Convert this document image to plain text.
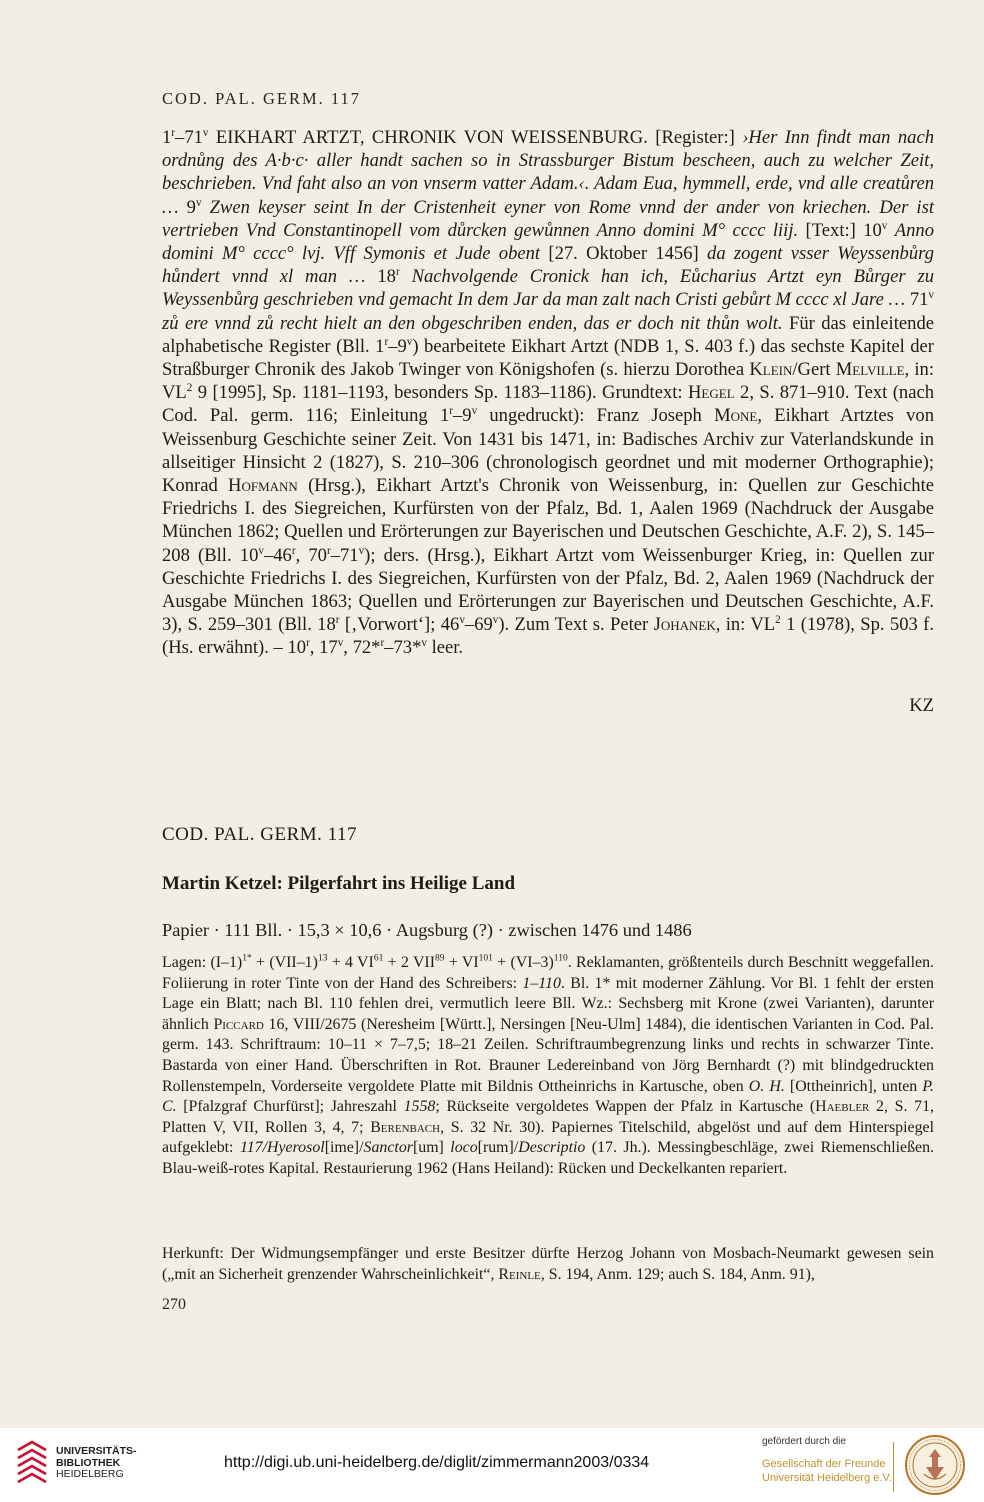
COD. PAL. GERM. 117

1$^r$–71$^v$ EIKHART ARTZT, CHRONIK VON WEISSENBURG. [Register:] ›Her Inn findt man nach ordnůng des A·b·c· aller handt sachen so in Strassburger Bistum bescheen, auch zu welcher Zeit, beschrieben. Vnd faht also an von vnserm vatter Adam.‹. Adam Eua, hymmell, erde, vnd alle creatůren … 9$^v$ Zwen keyser seint In der Cristenheit eyner von Rome vnnd der ander von kriechen. Der ist vertrieben Vnd Constantinopell vom důrcken gewůnnen Anno domini M° cccc liij. [Text:] 10$^v$ Anno domini M° cccc° lvj. Vff Symonis et Jude obent [27. Oktober 1456] da zogent vsser Weyssenbůrg hůndert vnnd xl man … 18$^r$ Nachvolgende Cronick han ich, Eůcharius Artzt eyn Bůrger zu Weyssenbůrg geschrieben vnd gemacht In dem Jar da man zalt nach Cristi gebůrt M cccc xl Jare … 71$^v$ zů ere vnnd zů recht hielt an den obgeschriben enden, das er doch nit thůn wolt. Für das einleitende alphabetische Register (Bll. 1$^r$–9$^v$) bearbeitete Eikhart Artzt (NDB 1, S. 403 f.) das sechste Kapitel der Straßburger Chronik des Jakob Twinger von Königshofen (s. hierzu Dorothea Klein/Gert Melville, in: $VL^2$ 9 [1995], Sp. 1181–1193, besonders Sp. 1183–1186). Grundtext: Hegel 2, S. 871–910. Text (nach Cod. Pal. germ. 116; Einleitung 1$^r$–9$^v$ ungedruckt): Franz Joseph Mone, Eikhart Artztes von Weissenburg Geschichte seiner Zeit. Von 1431 bis 1471, in: Badisches Archiv zur Vaterlandskunde in allseitiger Hinsicht 2 (1827), S. 210–306 (chronologisch geordnet und mit moderner Orthographie); Konrad Hofmann (Hrsg.), Eikhart Artzt's Chronik von Weissenburg, in: Quellen zur Geschichte Friedrichs I. des Siegreichen, Kurfürsten von der Pfalz, Bd. 1, Aalen 1969 (Nachdruck der Ausgabe München 1862; Quellen und Erörterungen zur Bayerischen und Deutschen Geschichte, A.F. 2), S. 145–208 (Bll. 10$^v$–46$^r$, 70$^r$–71$^v$); ders. (Hrsg.), Eikhart Artzt vom Weissenburger Krieg, in: Quellen zur Geschichte Friedrichs I. des Siegreichen, Kurfürsten von der Pfalz, Bd. 2, Aalen 1969 (Nachdruck der Ausgabe München 1863; Quellen und Erörterungen zur Bayerischen und Deutschen Geschichte, A.F. 3), S. 259–301 (Bll. 18$^r$ [‚Vorwort‘]; 46$^v$–69$^v$). Zum Text s. Peter Johanek, in: $VL^2$ 1 (1978), Sp. 503 f. (Hs. erwähnt). – 10$^r$, 17$^v$, 72*$^r$–73*$^v$ leer.

KZ
COD. PAL. GERM. 117
Martin Ketzel: Pilgerfahrt ins Heilige Land
Papier · 111 Bll. · 15,3 × 10,6 · Augsburg (?) · zwischen 1476 und 1486

Lagen: $(I-1)^{1*} + (VII-1)^{13} + 4$ $VI^{61} + 2$ $VII^{89} + VI^{101} + (VI-3)^{110}$. Reklamanten, größtenteils durch Beschnitt weggefallen. Foliierung in roter Tinte von der Hand des Schreibers: 1–110. Bl. 1* mit moderner Zählung. Vor Bl. 1 fehlt der ersten Lage ein Blatt; nach Bl. 110 fehlen drei, vermutlich leere Bll. Wz.: Sechsberg mit Krone (zwei Varianten), darunter ähnlich Piccard 16, VIII/2675 (Neresheim [Württ.], Nersingen [Neu-Ulm] 1484), die identischen Varianten in Cod. Pal. germ. 143. Schriftraum: 10–11 × 7–7,5; 18–21 Zeilen. Schriftraumbegrenzung links und rechts in schwarzer Tinte. Bastarda von einer Hand. Überschriften in Rot. Brauner Ledereinband von Jörg Bernhardt (?) mit blindgedruckten Rollenstempeln, Vorderseite vergoldete Platte mit Bildnis Ottheinrichs in Kartusche, oben O. H. [Ottheinrich], unten P. C. [Pfalzgraf Churfürst]; Jahreszahl 1558; Rückseite vergoldetes Wappen der Pfalz in Kartusche (Haebler 2, S. 71, Platten V, VII, Rollen 3, 4, 7; Berenbach, S. 32 Nr. 30). Papiernes Titelschild, abgelöst und auf dem Hinterspiegel aufgeklebt: 117/Hyerosol[ime]/Sanctor[um] loco[rum]/Descriptio (17. Jh.). Messingbeschläge, zwei Riemenschließen. Blau-weiß-rotes Kapital. Restaurierung 1962 (Hans Heiland): Rücken und Deckelkanten repariert.

Herkunft: Der Widmungsempfänger und erste Besitzer dürfte Herzog Johann von Mosbach-Neumarkt gewesen sein („mit an Sicherheit grenzender Wahrscheinlichkeit“, Reinle, S. 194, Anm. 129; auch S. 184, Anm. 91),

270
UNIVERSITÄTS-
BIBLIOTHEK
HEIDELBERG
http://digi.ub.uni-heidelberg.de/diglit/zimmermann2003/0334
gefördert durch die
Gesellschaft der Freunde
Universität Heidelberg e.V.
